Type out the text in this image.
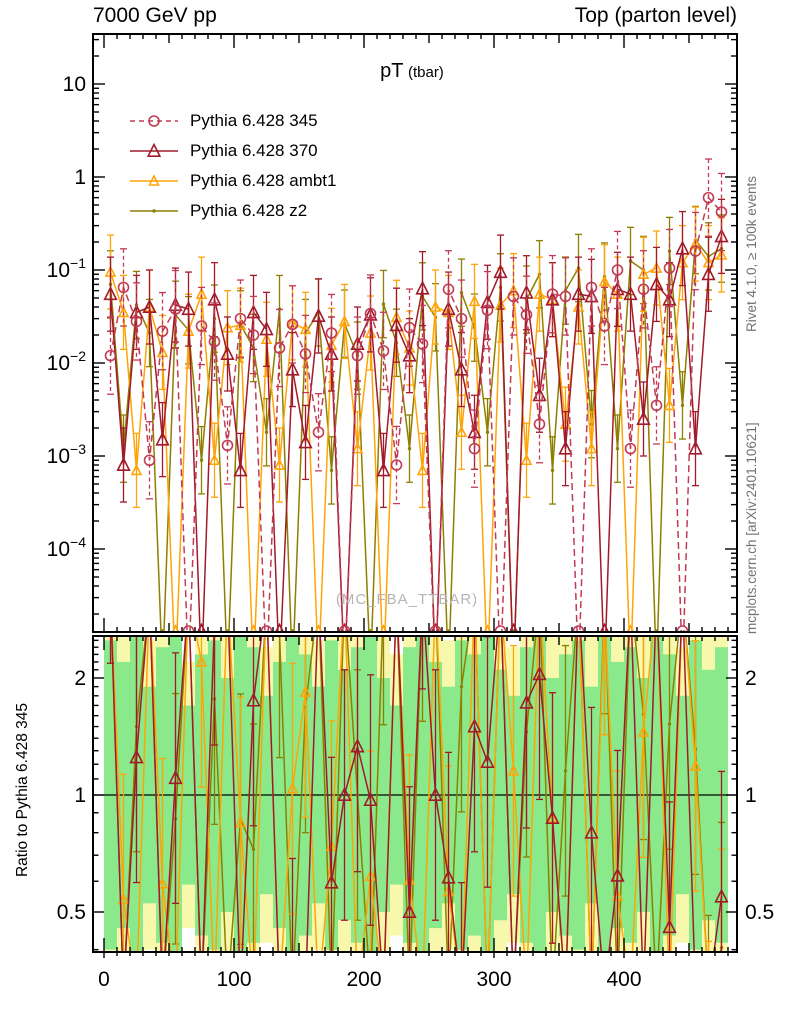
10
1
$10^{-1}$
$10^{-2}$
$10^{-3}$
$10^{-4}$
0.5	0.5
1	1
2	2
0	100	200	300	400
7000 GeV pp	Top (parton level)
pT (tbar)
Pythia 6.428 345
Pythia 6.428 370
Pythia 6.428 ambt1
Pythia 6.428 z2
(MC_FBA_TTBAR)
Rivet 4.1.0, ≥ 100k events
mcplots.cern.ch [arXiv:2401.10621]
Ratio to Pythia 6.428 345
